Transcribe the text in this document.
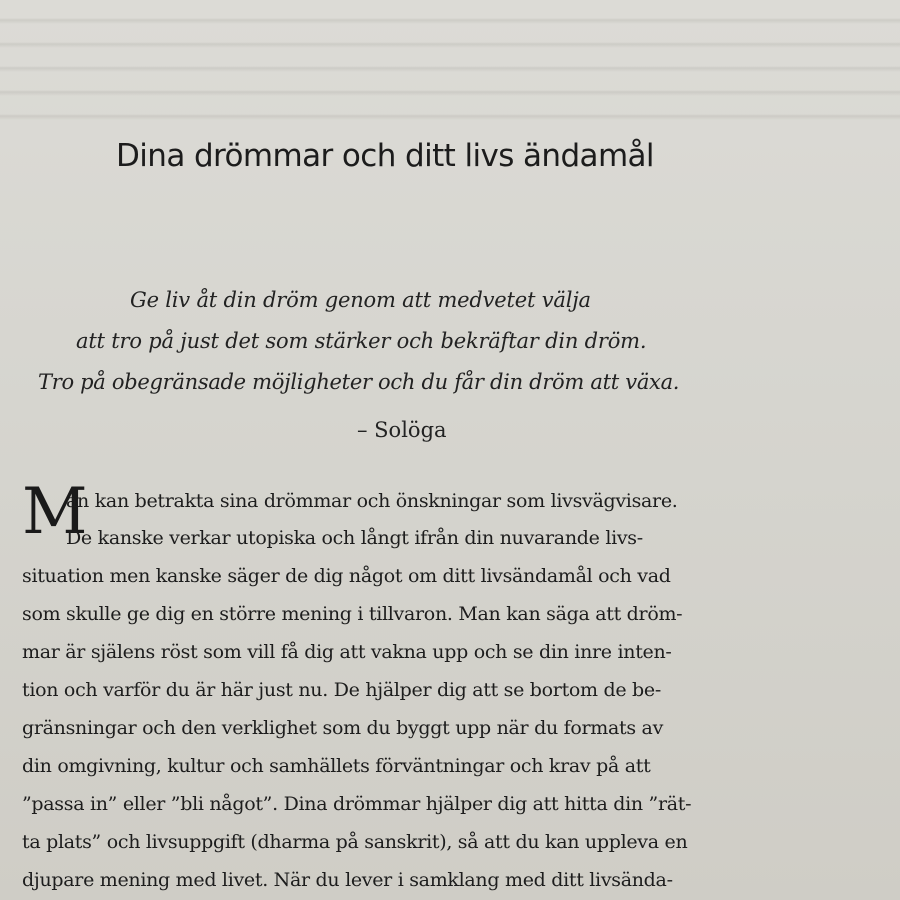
Dina drömmar och ditt livs ändamål
Ge liv åt din dröm genom att medvetet välja
att tro på just det som stärker och bekräftar din dröm.
Tro på obegränsade möjligheter och du får din dröm att växa.
– Solöga
M
an kan betrakta sina drömmar och önskningar som livsvägvisare.
De kanske verkar utopiska och långt ifrån din nuvarande livs-
situation men kanske säger de dig något om ditt livsändamål och vad
som skulle ge dig en större mening i tillvaron. Man kan säga att dröm-
mar är själens röst som vill få dig att vakna upp och se din inre inten-
tion och varför du är här just nu. De hjälper dig att se bortom de be-
gränsningar och den verklighet som du byggt upp när du formats av
din omgivning, kultur och samhällets förväntningar och krav på att
”passa in” eller ”bli något”. Dina drömmar hjälper dig att hitta din ”rät-
ta plats” och livsuppgift (dharma på sanskrit), så att du kan uppleva en
djupare mening med livet. När du lever i samklang med ditt livsända-
